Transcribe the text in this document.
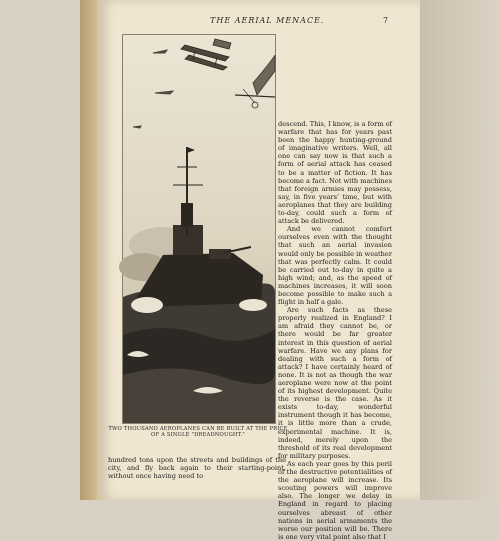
THE AERIAL MENACE.	7
TWO THOUSAND AEROPLANES CAN BE BUILT AT THE PRICE OF A SINGLE "DREADNOUGHT."

descend. This, I know, is a form of warfare that has for years past been the happy hunting-ground of imaginative writers. Well, all one can say now is that such a form of aerial attack has ceased to be a matter of fiction. It has become a fact. Not with machines that foreign armies may possess, say, in five years' time, but with aeroplanes that they are building to-day, could such a form of attack be delivered.

And we cannot comfort ourselves even with the thought that such an aerial invasion would only be possible in weather that was perfectly calm. It could be carried out to-day in quite a high wind; and, as the speed of machines increases, it will soon become possible to make such a flight in half a gale.

Are such facts as these properly realized in England? I am afraid they cannot be, or there would be far greater interest in this question of aerial warfare. Have we any plans for dealing with such a form of attack? I have certainly heard of none. It is not as though the war aeroplane were now at the point of its highest development. Quite the reverse is the case. As it exists to-day, wonderful instrument though it has become, it is little more than a crude, experimental machine. It is, indeed, merely upon the threshold of its real development for military purposes.

As each year goes by this peril of the destructive potentialities of the aeroplane will increase. Its scouting powers will improve also. The longer we delay in England in regard to placing ourselves abreast of other nations in aerial armaments the worse our position will be. There is one very vital point also that I

hundred tons upon the streets and buildings of the city, and fly back again to their starting-point, without once having need to
